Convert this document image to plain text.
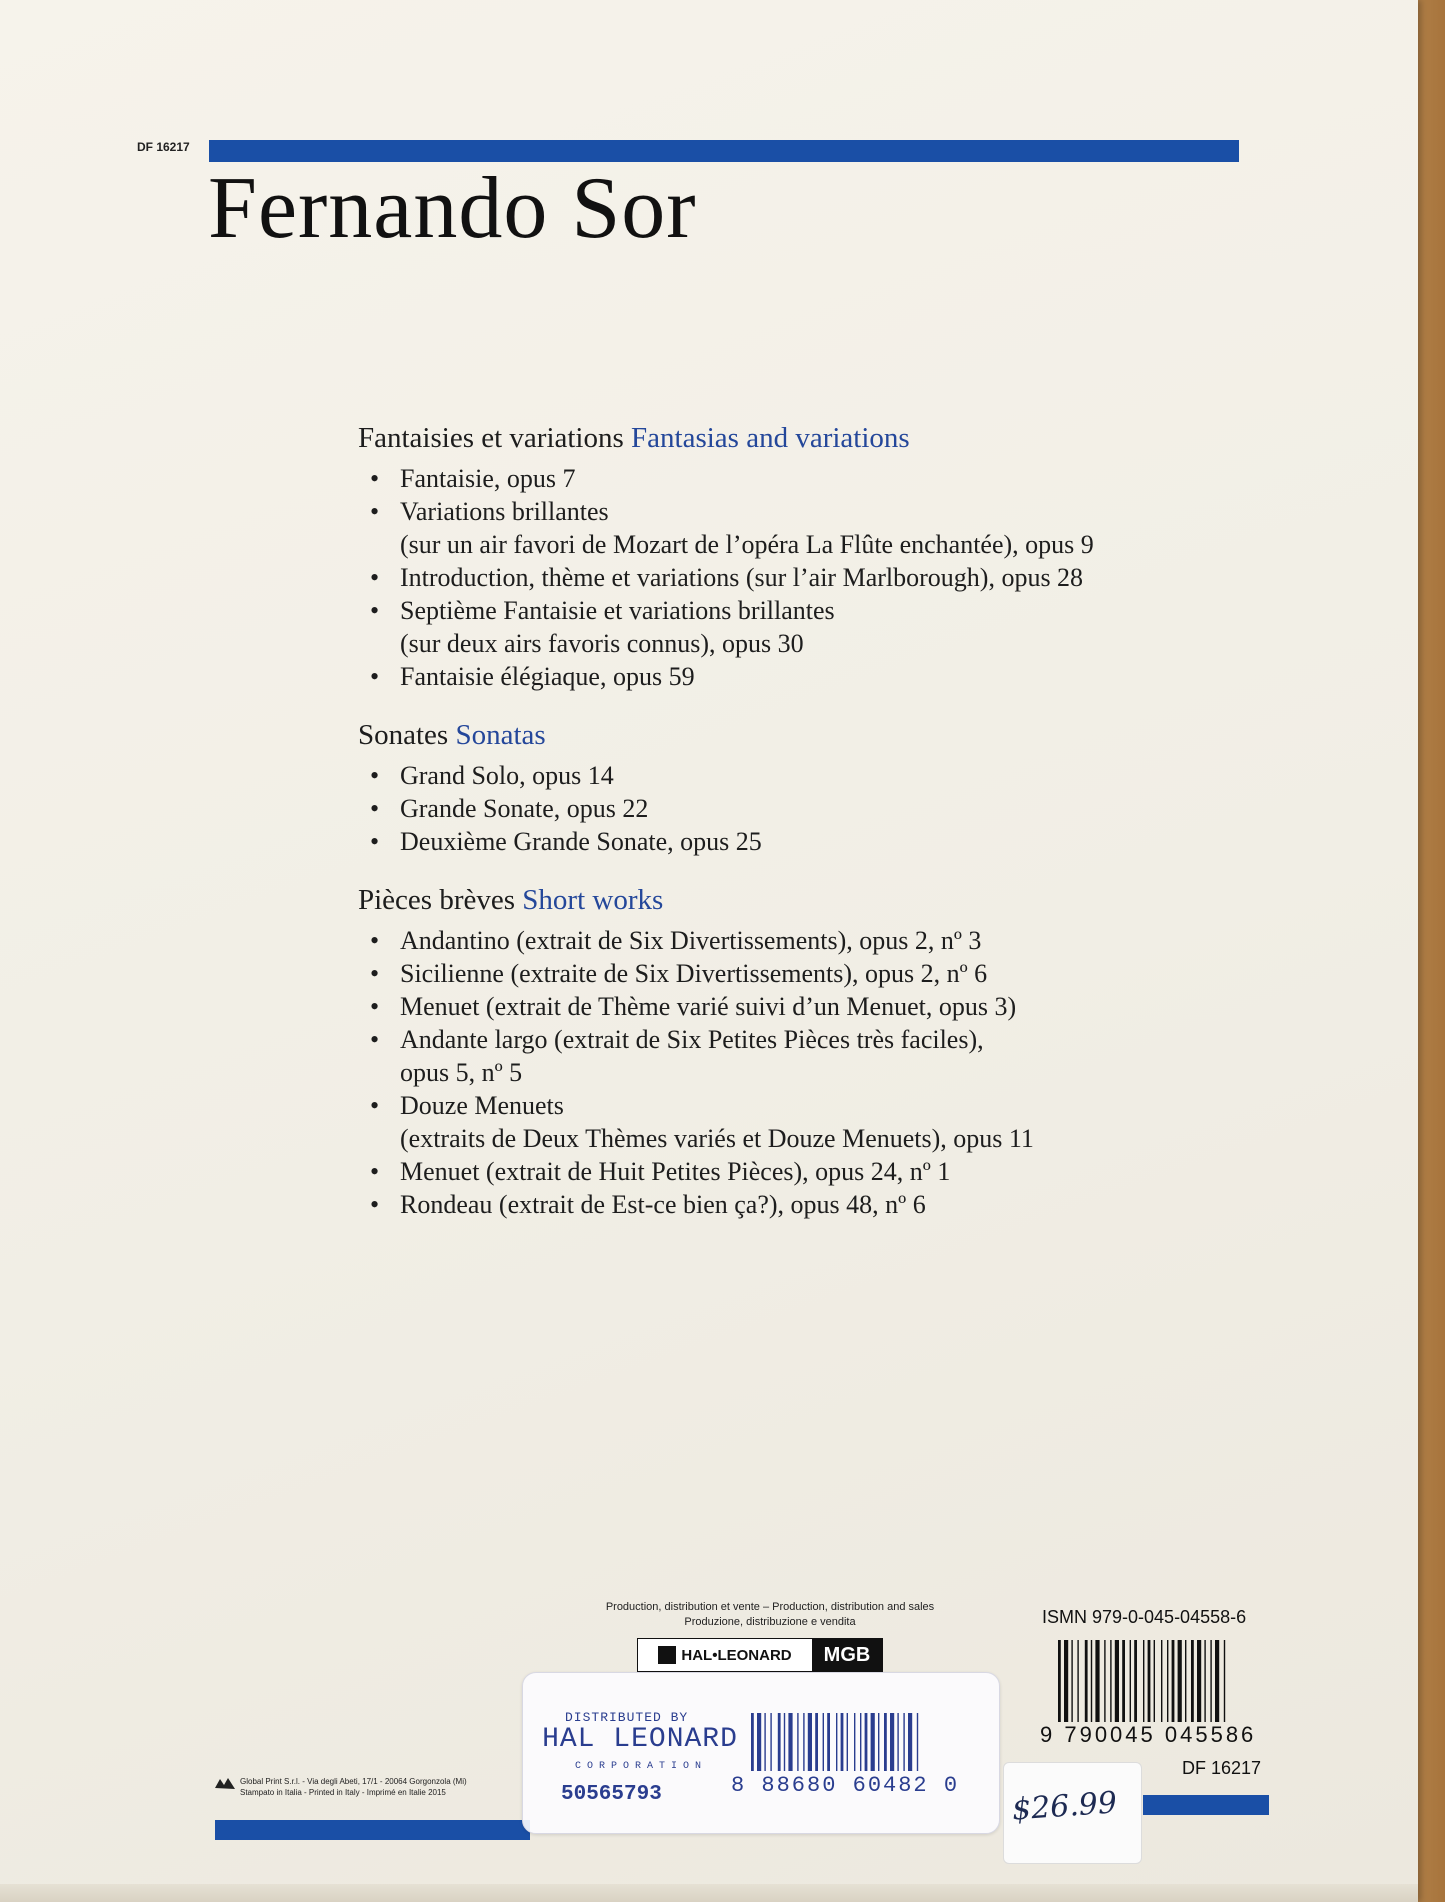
DF 16217
Fernando Sor
Fantaisies et variations Fantasias and variations
• Fantaisie, opus 7
• Variations brillantes
(sur un air favori de Mozart de l’opéra La Flûte enchantée), opus 9
• Introduction, thème et variations (sur l’air Marlborough), opus 28
• Septième Fantaisie et variations brillantes
(sur deux airs favoris connus), opus 30
• Fantaisie élégiaque, opus 59
Sonates Sonatas
• Grand Solo, opus 14
• Grande Sonate, opus 22
• Deuxième Grande Sonate, opus 25
Pièces brèves Short works
• Andantino (extrait de Six Divertissements), opus 2, nº 3
• Sicilienne (extraite de Six Divertissements), opus 2, nº 6
• Menuet (extrait de Thème varié suivi d’un Menuet, opus 3)
• Andante largo (extrait de Six Petites Pièces très faciles),
opus 5, nº 5
• Douze Menuets
(extraits de Deux Thèmes variés et Douze Menuets), opus 11
• Menuet (extrait de Huit Petites Pièces), opus 24, nº 1
• Rondeau (extrait de Est-ce bien ça?), opus 48, nº 6
Production, distribution et vente – Production, distribution and sales
Produzione, distribuzione e vendita
HAL•LEONARD	MGB
ISMN 979-0-045-04558-6
9 790045 045586
DF 16217
Global Print S.r.l. - Via degli Abeti, 17/1 - 20064 Gorgonzola (Mi)
Stampato in Italia - Printed in Italy - Imprimé en Italie 2015
DISTRIBUTED BY
HAL LEONARD
CORPORATION
50565793	8 88680 60482 0 $26.99
